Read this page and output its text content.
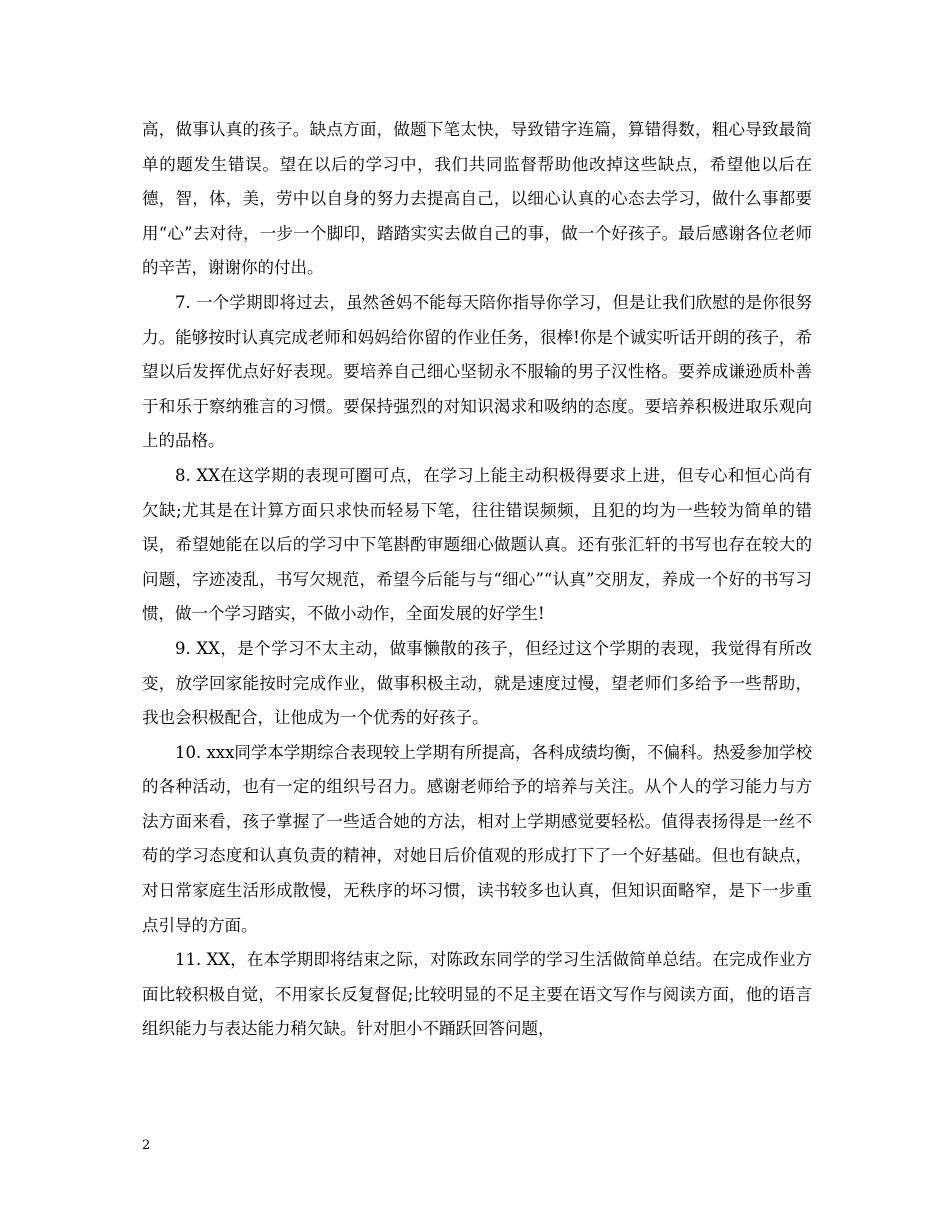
高，做事认真的孩子。缺点方面，做题下笔太快，导致错字连篇，算错得数，粗心导致最简单的题发生错误。望在以后的学习中，我们共同监督帮助他改掉这些缺点，希望他以后在德，智，体，美，劳中以自身的努力去提高自己，以细心认真的心态去学习，做什么事都要用“心”去对待，一步一个脚印，踏踏实实去做自己的事，做一个好孩子。最后感谢各位老师的辛苦，谢谢你的付出。

7. 一个学期即将过去，虽然爸妈不能每天陪你指导你学习，但是让我们欣慰的是你很努力。能够按时认真完成老师和妈妈给你留的作业任务，很棒!你是个诚实听话开朗的孩子，希望以后发挥优点好好表现。要培养自己细心坚韧永不服输的男子汉性格。要养成谦逊质朴善于和乐于察纳雅言的习惯。要保持强烈的对知识渴求和吸纳的态度。要培养积极进取乐观向上的品格。

8. XX在这学期的表现可圈可点，在学习上能主动积极得要求上进，但专心和恒心尚有欠缺;尤其是在计算方面只求快而轻易下笔，往往错误频频，且犯的均为一些较为简单的错误，希望她能在以后的学习中下笔斟酌审题细心做题认真。还有张汇轩的书写也存在较大的问题，字迹凌乱，书写欠规范，希望今后能与与“细心”“认真”交朋友，养成一个好的书写习惯，做一个学习踏实，不做小动作，全面发展的好学生!

9. XX，是个学习不太主动，做事懒散的孩子，但经过这个学期的表现，我觉得有所改变，放学回家能按时完成作业，做事积极主动，就是速度过慢，望老师们多给予一些帮助，我也会积极配合，让他成为一个优秀的好孩子。

10. xxx同学本学期综合表现较上学期有所提高，各科成绩均衡，不偏科。热爱参加学校的各种活动，也有一定的组织号召力。感谢老师给予的培养与关注。从个人的学习能力与方法方面来看，孩子掌握了一些适合她的方法，相对上学期感觉要轻松。值得表扬得是一丝不苟的学习态度和认真负责的精神，对她日后价值观的形成打下了一个好基础。但也有缺点，对日常家庭生活形成散慢，无秩序的坏习惯，读书较多也认真，但知识面略窄，是下一步重点引导的方面。

11. XX，在本学期即将结束之际，对陈政东同学的学习生活做简单总结。在完成作业方面比较积极自觉，不用家长反复督促;比较明显的不足主要在语文写作与阅读方面，他的语言组织能力与表达能力稍欠缺。针对胆小不踊跃回答问题，

2
